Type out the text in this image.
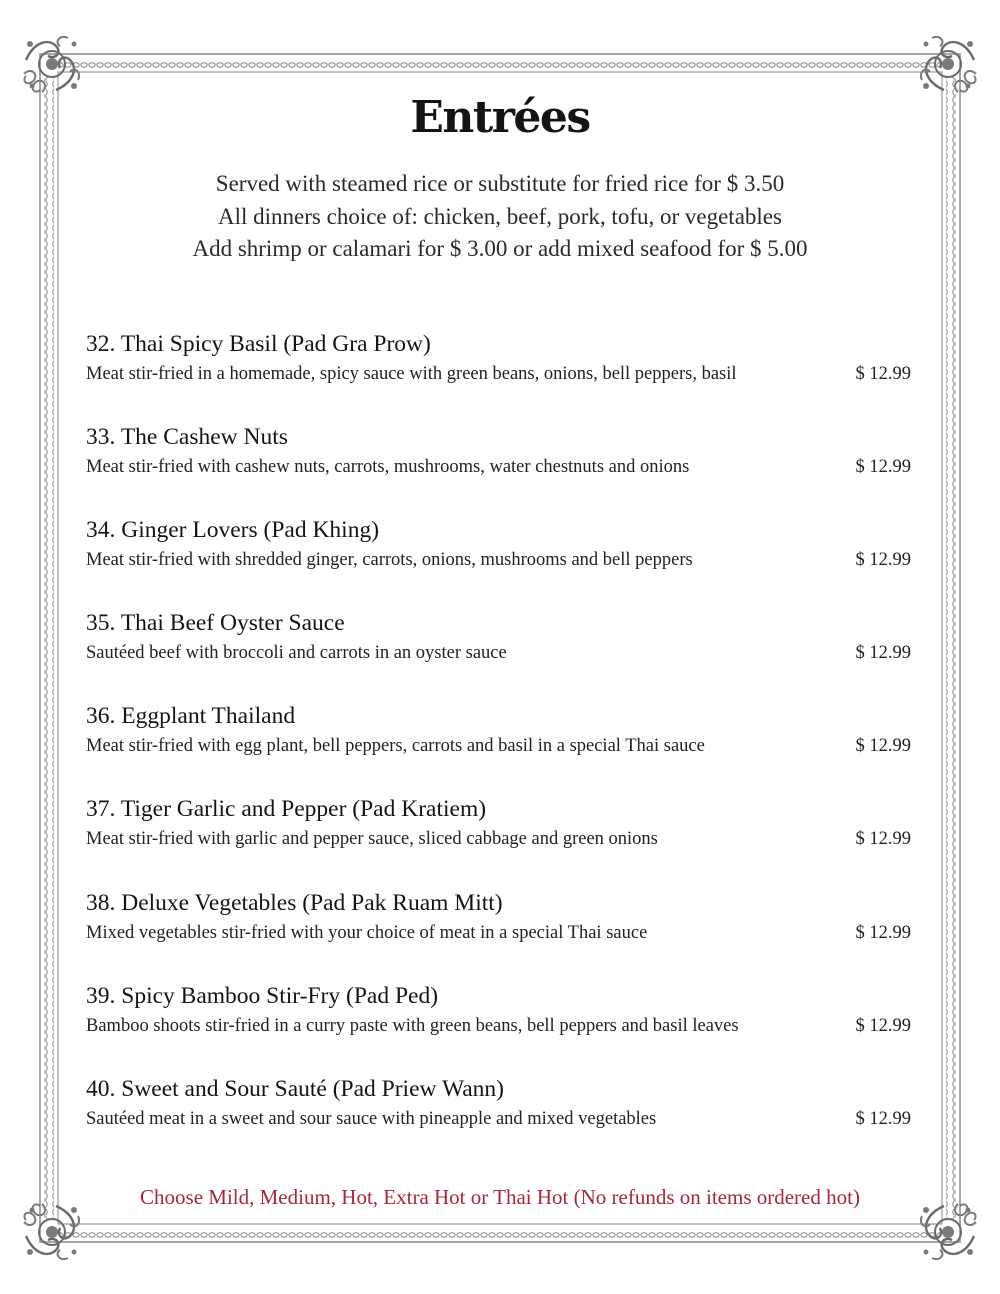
Entrées
Served with steamed rice or substitute for fried rice for $ 3.50
All dinners choice of: chicken, beef, pork, tofu, or vegetables
Add shrimp or calamari for $ 3.00 or add mixed seafood for $ 5.00
32. Thai Spicy Basil (Pad Gra Prow)
Meat stir-fried in a homemade, spicy sauce with green beans, onions, bell peppers, basil	$ 12.99
33. The Cashew Nuts
Meat stir-fried with cashew nuts, carrots, mushrooms, water chestnuts and onions	$ 12.99
34. Ginger Lovers (Pad Khing)
Meat stir-fried with shredded ginger, carrots, onions, mushrooms and bell peppers	$ 12.99
35. Thai Beef Oyster Sauce
Sautéed beef with broccoli and carrots in an oyster sauce	$ 12.99
36. Eggplant Thailand
Meat stir-fried with egg plant, bell peppers, carrots and basil in a special Thai sauce	$ 12.99
37. Tiger Garlic and Pepper (Pad Kratiem)
Meat stir-fried with garlic and pepper sauce, sliced cabbage and green onions	$ 12.99
38. Deluxe Vegetables (Pad Pak Ruam Mitt)
Mixed vegetables stir-fried with your choice of meat in a special Thai sauce	$ 12.99
39. Spicy Bamboo Stir-Fry (Pad Ped)
Bamboo shoots stir-fried in a curry paste with green beans, bell peppers and basil leaves	$ 12.99
40. Sweet and Sour Sauté (Pad Priew Wann)
Sautéed meat in a sweet and sour sauce with pineapple and mixed vegetables	$ 12.99
Choose Mild, Medium, Hot, Extra Hot or Thai Hot (No refunds on items ordered hot)
